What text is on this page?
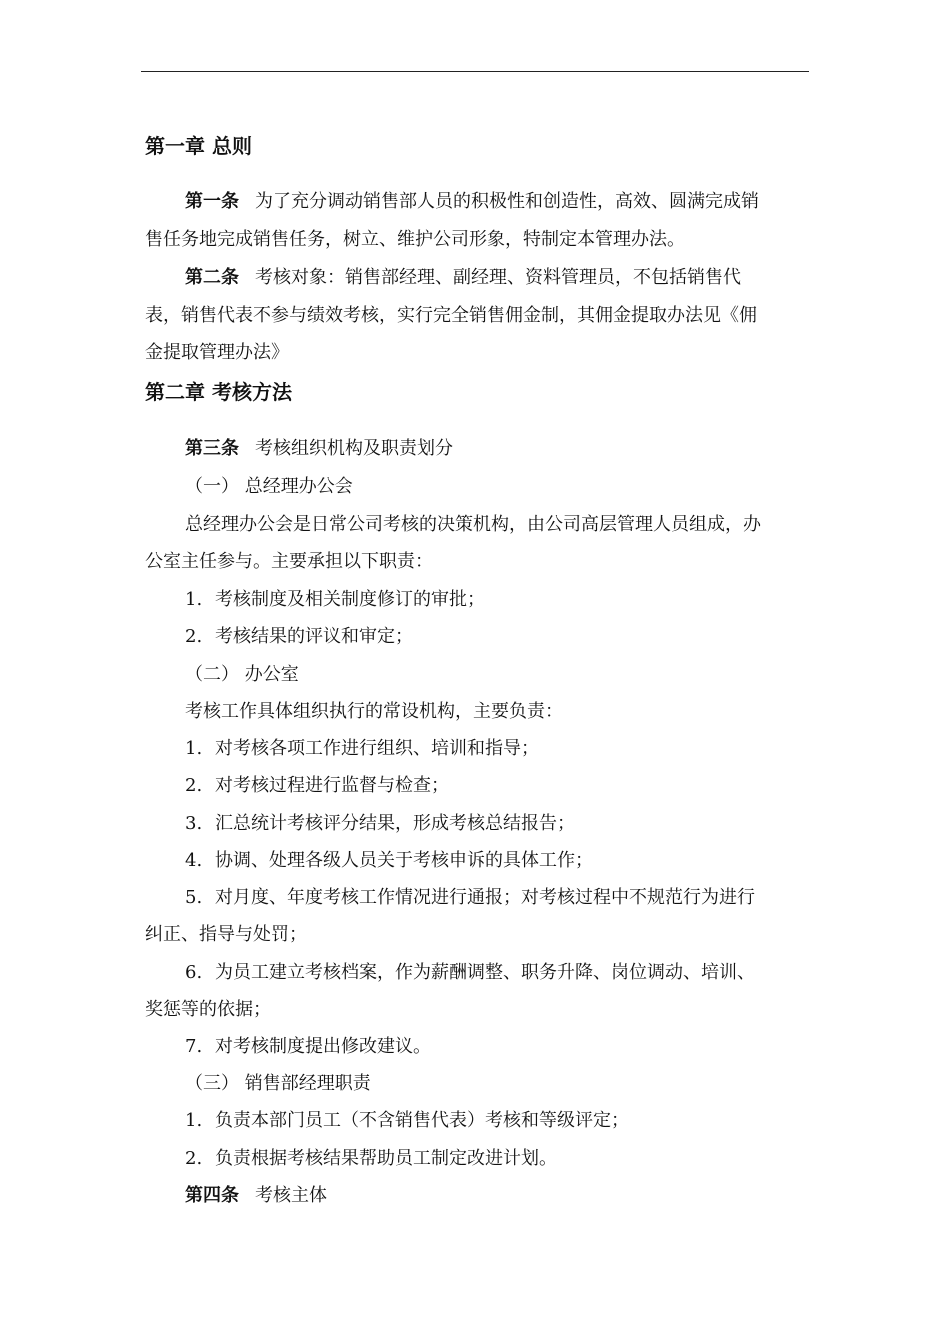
第一章 总则
第一条 为了充分调动销售部人员的积极性和创造性，高效、圆满完成销
售任务地完成销售任务，树立、维护公司形象，特制定本管理办法。
第二条 考核对象：销售部经理、副经理、资料管理员，不包括销售代
表，销售代表不参与绩效考核，实行完全销售佣金制，其佣金提取办法见《佣
金提取管理办法》
第二章 考核方法
第三条 考核组织机构及职责划分
（一） 总经理办公会
总经理办公会是日常公司考核的决策机构，由公司高层管理人员组成，办
公室主任参与。主要承担以下职责：
1. 考核制度及相关制度修订的审批；
2. 考核结果的评议和审定；
（二） 办公室
考核工作具体组织执行的常设机构，主要负责：
1. 对考核各项工作进行组织、培训和指导；
2. 对考核过程进行监督与检查；
3. 汇总统计考核评分结果，形成考核总结报告；
4. 协调、处理各级人员关于考核申诉的具体工作；
5. 对月度、年度考核工作情况进行通报；对考核过程中不规范行为进行
纠正、指导与处罚；
6. 为员工建立考核档案，作为薪酬调整、职务升降、岗位调动、培训、
奖惩等的依据；
7. 对考核制度提出修改建议。
（三） 销售部经理职责
1. 负责本部门员工（不含销售代表）考核和等级评定；
2. 负责根据考核结果帮助员工制定改进计划。
第四条 考核主体
